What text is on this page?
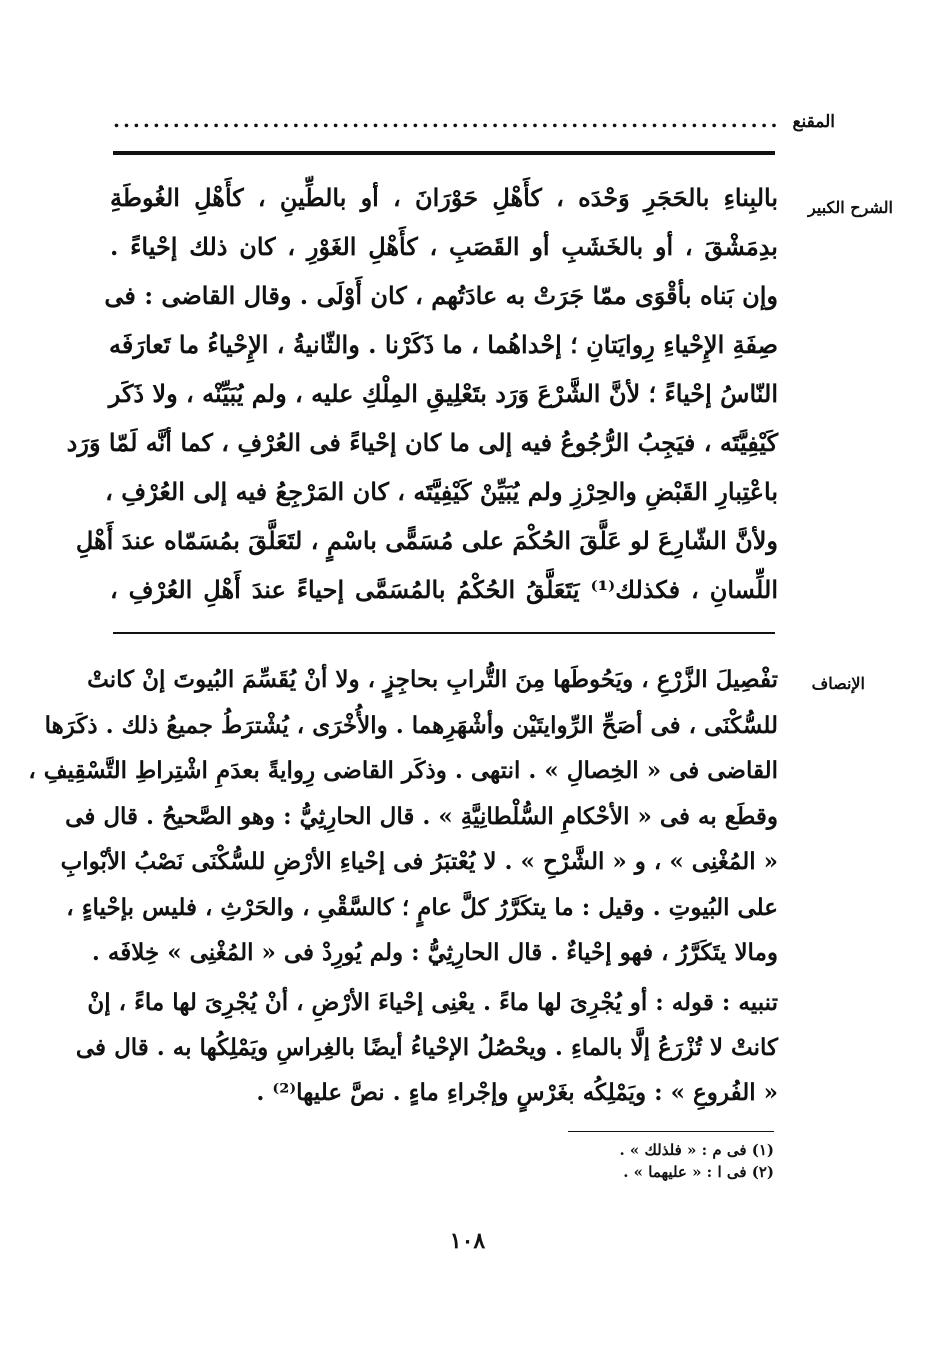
المقنع
...................................................................
الشرح الكبير
بالبِناءِ بالحَجَرِ وَحْدَه ، كأَهْلِ حَوْرَانَ ، أو بالطِّينِ ، كأَهْلِ الغُوطَةِ
بدِمَشْقَ ، أو بالخَشَبِ أو القَصَبِ ، كأَهْلِ الغَوْرِ ، كان ذلك إحْياءً .
وإن بَناه بأقْوَى ممّا جَرَتْ به عادَتُهم ، كان أَوْلَى . وقال القاضى : فى
صِفَةِ الإِحْياءِ رِوايَتانِ ؛ إحْداهُما ، ما ذَكَرْنا . والثّانيةُ ، الإِحْياءُ ما تَعارَفَه
النّاسُ إحْياءً ؛ لأنَّ الشَّرْعَ وَرَد بتَعْلِيقِ المِلْكِ عليه ، ولم يُبَيِّنْه ، ولا ذَكَر
كَيْفِيَّتَه ، فيَجِبُ الرُّجُوعُ فيه إلى ما كان إحْياءً فى العُرْفِ ، كما أنَّه لَمّا وَرَد
باعْتِبارِ القَبْضِ والحِرْزِ ولم يُبَيِّنْ كَيْفِيَّتَه ، كان المَرْجِعُ فيه إلى العُرْفِ ،
ولأنَّ الشّارِعَ لو عَلَّقَ الحُكْمَ على مُسَمًّى باسْمٍ ، لتَعَلَّقَ بمُسَمّاه عندَ أَهْلِ
اللِّسانِ ، فكذلك⁽¹⁾ يَتَعَلَّقُ الحُكْمُ بالمُسَمَّى إحياءً عندَ أَهْلِ العُرْفِ ،
الإنصاف
تفْصِيلَ الزَّرْعِ ، ويَحُوطَها مِنَ التُّرابِ بحاجِزٍ ، ولا أنْ يُقَسِّمَ البُيوتَ إنْ كانتْ
للسُّكْنَى ، فى أصَحِّ الرِّوايتَيْن وأشْهَرِهما . والأُخْرَى ، يُشْترَطُ جميعُ ذلك . ذكَرَها
القاضى فى « الخِصالِ » . انتهى . وذكَر القاضى رِوايةً بعدَمِ اشْتِراطِ التَّسْقِيفِ ،
وقطَع به فى « الأحْكامِ السُّلْطانِيَّةِ » . قال الحارِثِيُّ : وهو الصَّحيحُ . قال فى
« المُغْنِى » ، و « الشَّرْحِ » . لا يُعْتبَرُ فى إحْياءِ الأرْضِ للسُّكْنَى نَصْبُ الأبْوابِ
على البُيوتِ . وقيل : ما يتكَرَّرُ كلَّ عامٍ ؛ كالسَّقْىِ ، والحَرْثِ ، فليس بإحْياءٍ ،
ومالا يتَكَرَّرُ ، فهو إحْياءٌ . قال الحارِثِيُّ : ولم يُورِدْ فى « المُغْنِى » خِلافَه .
تنبيه : قوله : أو يُجْرِىَ لها ماءً . يعْنِى إحْياءَ الأرْضِ ، أنْ يُجْرِىَ لها ماءً ، إنْ
كانتْ لا تُزْرَعُ إلَّا بالماءِ . ويحْصُلُ الإحْياءُ أيضًا بالغِراسِ ويَمْلِكُها به . قال فى
« الفُروعِ » : ويَمْلِكُه بغَرْسٍ وإجْراءِ ماءٍ . نصَّ عليها⁽²⁾ .
(١) فى م : « فلذلك » .
(٢) فى ا : « عليهما » .
١٠٨
